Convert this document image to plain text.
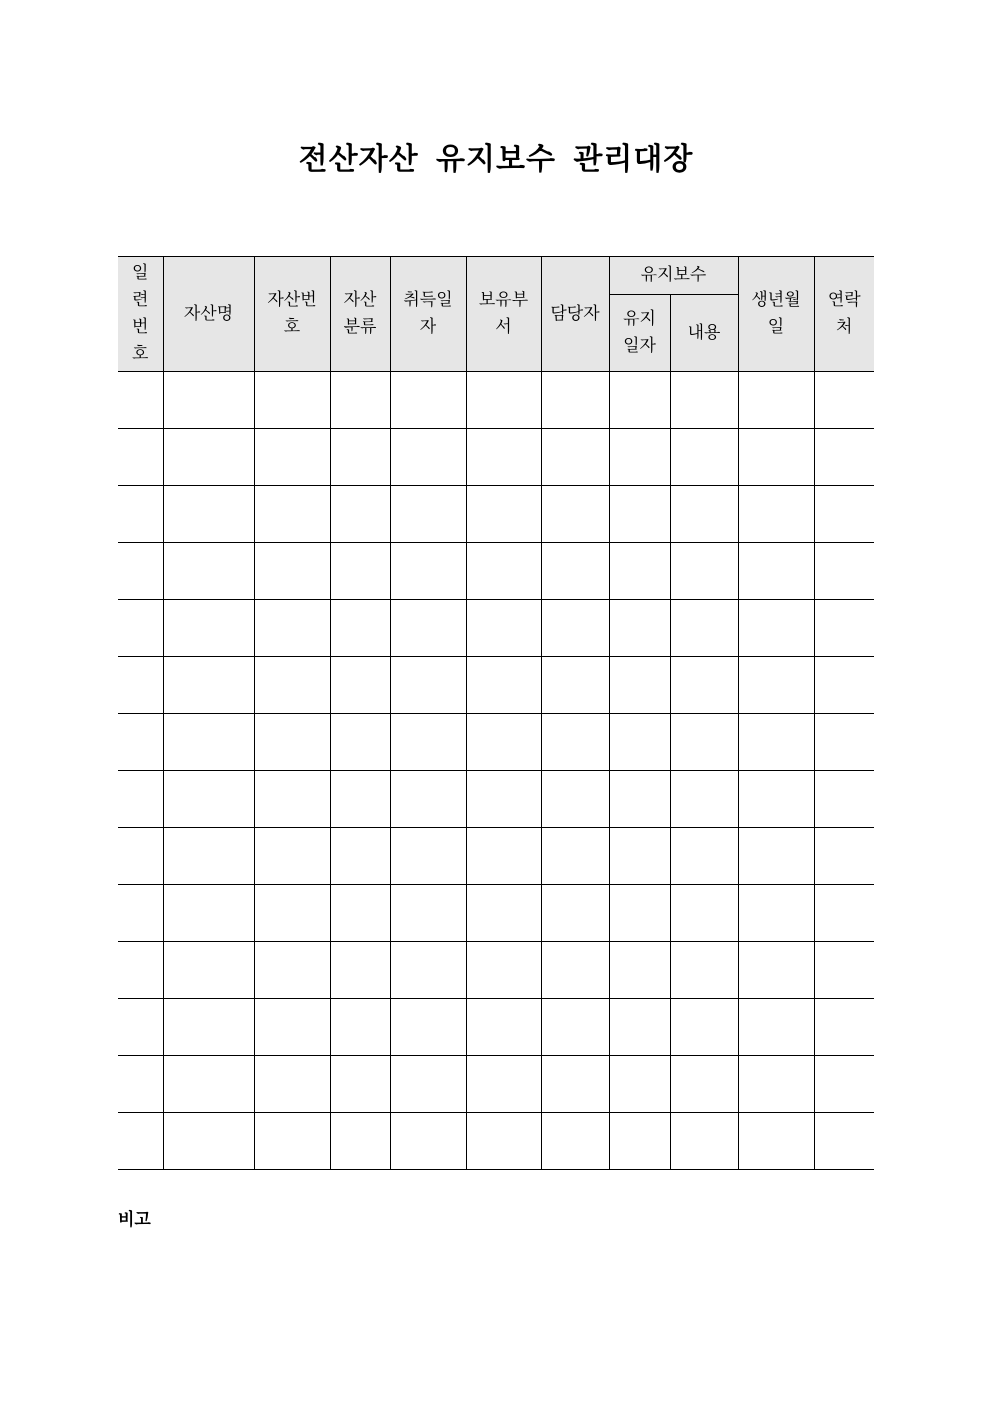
전산자산 유지보수 관리대장
일련번호	자산명	자산번호	자산분류	취득일자	보유부서	담당자	유지보수		생년월일	연락처

							유지일자	내용		

비고
